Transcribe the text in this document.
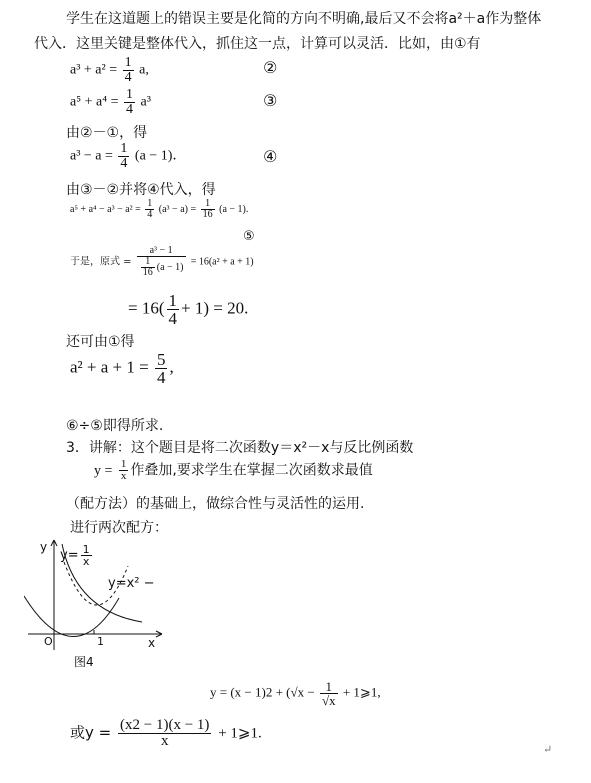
学生在这道题上的错误主要是化简的方向不明确,最后又不会将a²＋a作为整体
代入．这里关键是整体代入，抓住这一点，计算可以灵活．比如，由①有
$a^3 + a^2 = \frac{1}{4} a$,	②
$a^5 + a^4 = \frac{1}{4} a^3$	③
由②－①，得
$a^3 - a = \frac{1}{4} (a - 1)$．	④
由③－②并将④代入，得
$a^5 + a^4 - a^3 - a^2 = \frac{1}{4} (a^3 - a) = \frac{1}{16} (a - 1)$.
⑤
于是，原式 = $\frac{\text{a³ − 1}}{\frac{1}{16} (a - 1)} = 16(a^2 + a + 1)$
= $16( \frac{1}{4} + 1) = 20$.
还可由①得
$a^2 + a + 1 = \frac{5}{4}$ ,
⑥÷⑤即得所求.
3．讲解：这个题目是将二次函数y＝x²－x与反比例函数
$y = \frac{1}{x}$ 作叠加,要求学生在掌握二次函数求最值
（配方法）的基础上，做综合性与灵活性的运用.
进行两次配方：
y
x
O	1
$y= \frac{1}{x}$
y=x² −
图4
$y = (x - 1)2 + (√x - \frac{1}{√x}$ + 1⩾1,
或$y = \frac{(x2 - 1)(x - 1)}{x}$ + 1⩾1.
↵
